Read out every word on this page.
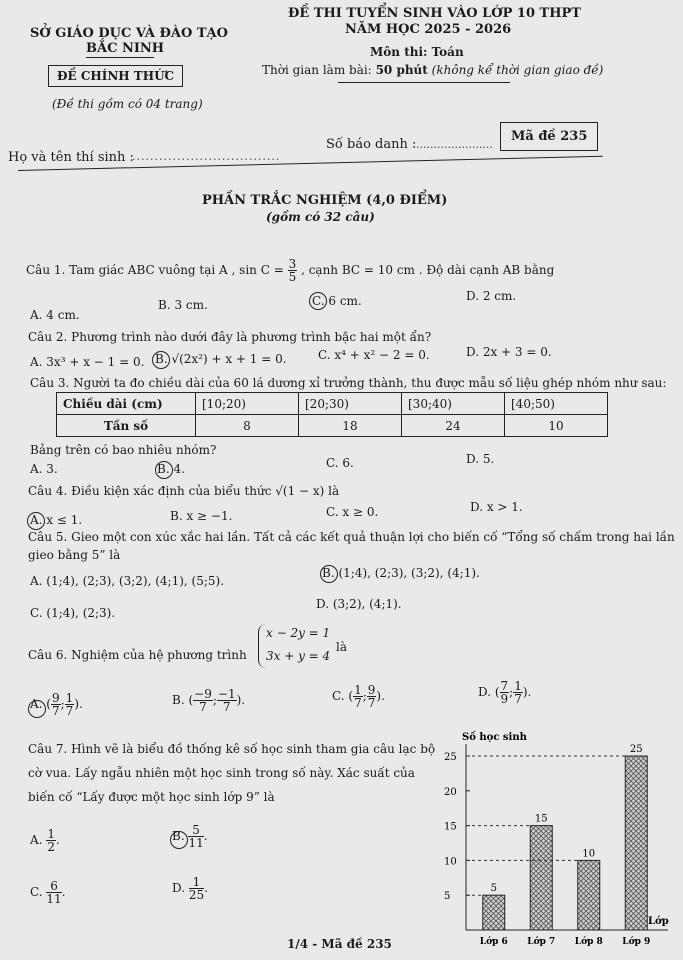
SỞ GIÁO DỤC VÀ ĐÀO TẠO
BẮC NINH
ĐỀ CHÍNH THỨC
(Đề thi gồm có 04 trang)
ĐỀ THI TUYỂN SINH VÀO LỚP 10 THPT
NĂM HỌC 2025 - 2026
Môn thi: Toán
Thời gian làm bài: 50 phút (không kể thời gian giao đề)
Họ và tên thí sinh :
.................................
Số báo danh : ......................
Mã đề 235
PHẦN TRẮC NGHIỆM (4,0 ĐIỂM)
(gồm có 32 câu)
Câu 1. Tam giác ABC vuông tại A , $\sin C = \frac{3}{5}$ , cạnh BC = 10 cm . Độ dài cạnh AB bằng
A. 4 cm.
B. 3 cm.	C. 6 cm.	D. 2 cm.
Câu 2. Phương trình nào dưới đây là phương trình bậc hai một ẩn?
A. 3x³ + x − 1 = 0. B. √(2x²) + x + 1 = 0.	C. x⁴ + x² − 2 = 0.	D. 2x + 3 = 0.
Câu 3. Người ta đo chiều dài của 60 lá dương xỉ trưởng thành, thu được mẫu số liệu ghép nhóm như sau:
Chiều dài (cm)	[10;20)	[20;30)	[30;40)	[40;50)
Tần số	8	18	24	10
Bảng trên có bao nhiêu nhóm?
A. 3.	B. 4.	C. 6.	D. 5.
Câu 4. Điều kiện xác định của biểu thức √(1 − x) là
A. x ≤ 1.	B. x ≥ −1.	C. x ≥ 0.	D. x > 1.
Câu 5. Gieo một con xúc xắc hai lần. Tất cả các kết quả thuận lợi cho biến cố “Tổng số chấm trong hai lần
gieo bằng 5” là
A. (1;4), (2;3), (3;2), (4;1), (5;5).
B. (1;4), (2;3), (3;2), (4;1).
C. (1;4), (2;3).
D. (3;2), (4;1).
Câu 6. Nghiệm của hệ phương trình
x − 2y = 1
3x + y = 4
là
A. ( $\frac{9}{7}$ ; $\frac{1}{7}$ ).	B. ( $\frac{-9}{7}$ ; $\frac{-1}{7}$ ).	C. ( $\frac{1}{7}$ ; $\frac{9}{7}$ ).	D. ( $\frac{7}{9}$ ; $\frac{1}{7}$ ).
Câu 7. Hình vẽ là biểu đồ thống kê số học sinh tham gia câu lạc bộ
cờ vua. Lấy ngẫu nhiên một học sinh trong số này. Xác suất của
biến cố “Lấy được một học sinh lớp 9” là
A. $\frac{1}{2}$ .	B. $\frac{5}{11}$ .
C. $\frac{6}{11}$ .	D. $\frac{1}{25}$ .
Số học sinh
Lớp
5
10
15
20
25
5
Lớp 6
15
Lớp 7
10
Lớp 8
25
Lớp 9
1/4 - Mã đề 235
